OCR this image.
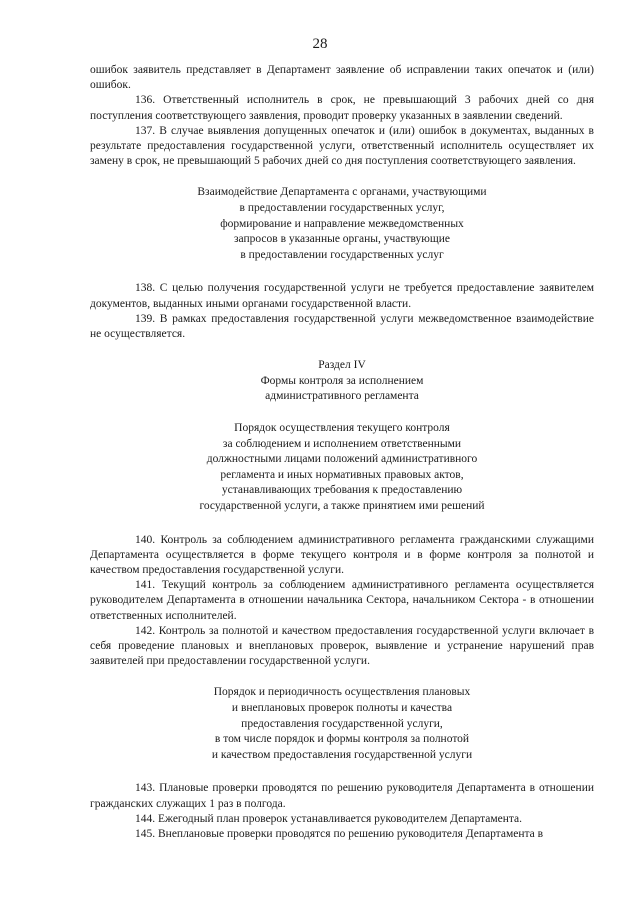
28

ошибок заявитель представляет в Департамент заявление об исправлении таких опечаток и (или) ошибок.

136. Ответственный исполнитель в срок, не превышающий 3 рабочих дней со дня поступления соответствующего заявления, проводит проверку указанных в заявлении сведений.

137. В случае выявления допущенных опечаток и (или) ошибок в документах, выданных в результате предоставления государственной услуги, ответственный исполнитель осуществляет их замену в срок, не превышающий 5 рабочих дней со дня поступления соответствующего заявления.

Взаимодействие Департамента с органами, участвующими

в предоставлении государственных услуг,

формирование и направление межведомственных

запросов в указанные органы, участвующие

в предоставлении государственных услуг

138. С целью получения государственной услуги не требуется предоставление заявителем документов, выданных иными органами государственной власти.

139. В рамках предоставления государственной услуги межведомственное взаимодействие не осуществляется.

Раздел IV

Формы контроля за исполнением

административного регламента

Порядок осуществления текущего контроля

за соблюдением и исполнением ответственными

должностными лицами положений административного

регламента и иных нормативных правовых актов,

устанавливающих требования к предоставлению

государственной услуги, а также принятием ими решений

140. Контроль за соблюдением административного регламента гражданскими служащими Департамента осуществляется в форме текущего контроля и в форме контроля за полнотой и качеством предоставления государственной услуги.

141. Текущий контроль за соблюдением административного регламента осуществляется руководителем Департамента в отношении начальника Сектора, начальником Сектора - в отношении ответственных исполнителей.

142. Контроль за полнотой и качеством предоставления государственной услуги включает в себя проведение плановых и внеплановых проверок, выявление и устранение нарушений прав заявителей при предоставлении государственной услуги.

Порядок и периодичность осуществления плановых

и внеплановых проверок полноты и качества

предоставления государственной услуги,

в том числе порядок и формы контроля за полнотой

и качеством предоставления государственной услуги

143. Плановые проверки проводятся по решению руководителя Департамента в отношении гражданских служащих 1 раз в полгода.

144. Ежегодный план проверок устанавливается руководителем Департамента.

145. Внеплановые проверки проводятся по решению руководителя Департамента в
